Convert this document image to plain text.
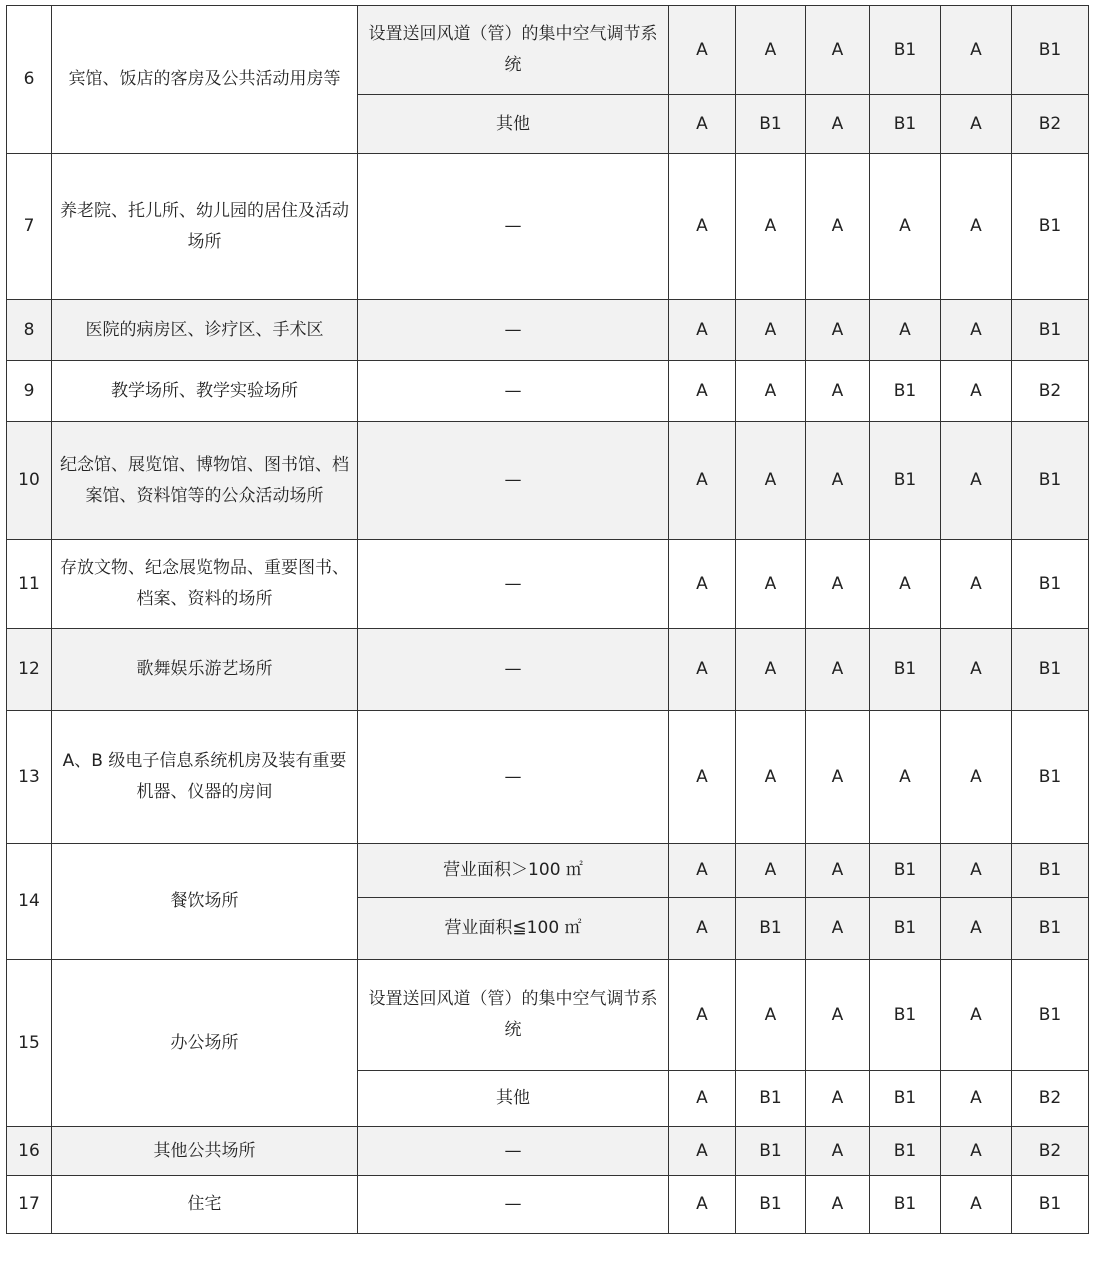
6	宾馆、饭店的客房及公共活动用房等	设置送回风道（管）的集中空气调节系统	A	A	A	B1	A	B1
		其他	A	B1	A	B1	A	B2
7	养老院、托儿所、幼儿园的居住及活动场所	—	A	A	A	A	A	B1
8	医院的病房区、诊疗区、手术区	—	A	A	A	A	A	B1
9	教学场所、教学实验场所	—	A	A	A	B1	A	B2
10	纪念馆、展览馆、博物馆、图书馆、档案馆、资料馆等的公众活动场所	—	A	A	A	B1	A	B1
11	存放文物、纪念展览物品、重要图书、档案、资料的场所	—	A	A	A	A	A	B1
12	歌舞娱乐游艺场所	—	A	A	A	B1	A	B1
13	A、B 级电子信息系统机房及装有重要机器、仪器的房间	—	A	A	A	A	A	B1
14	餐饮场所	营业面积＞100 ㎡	A	A	A	B1	A	B1
		营业面积≦100 ㎡	A	B1	A	B1	A	B1
15	办公场所	设置送回风道（管）的集中空气调节系统	A	A	A	B1	A	B1
		其他	A	B1	A	B1	A	B2
16	其他公共场所	—	A	B1	A	B1	A	B2
17	住宅	—	A	B1	A	B1	A	B1
